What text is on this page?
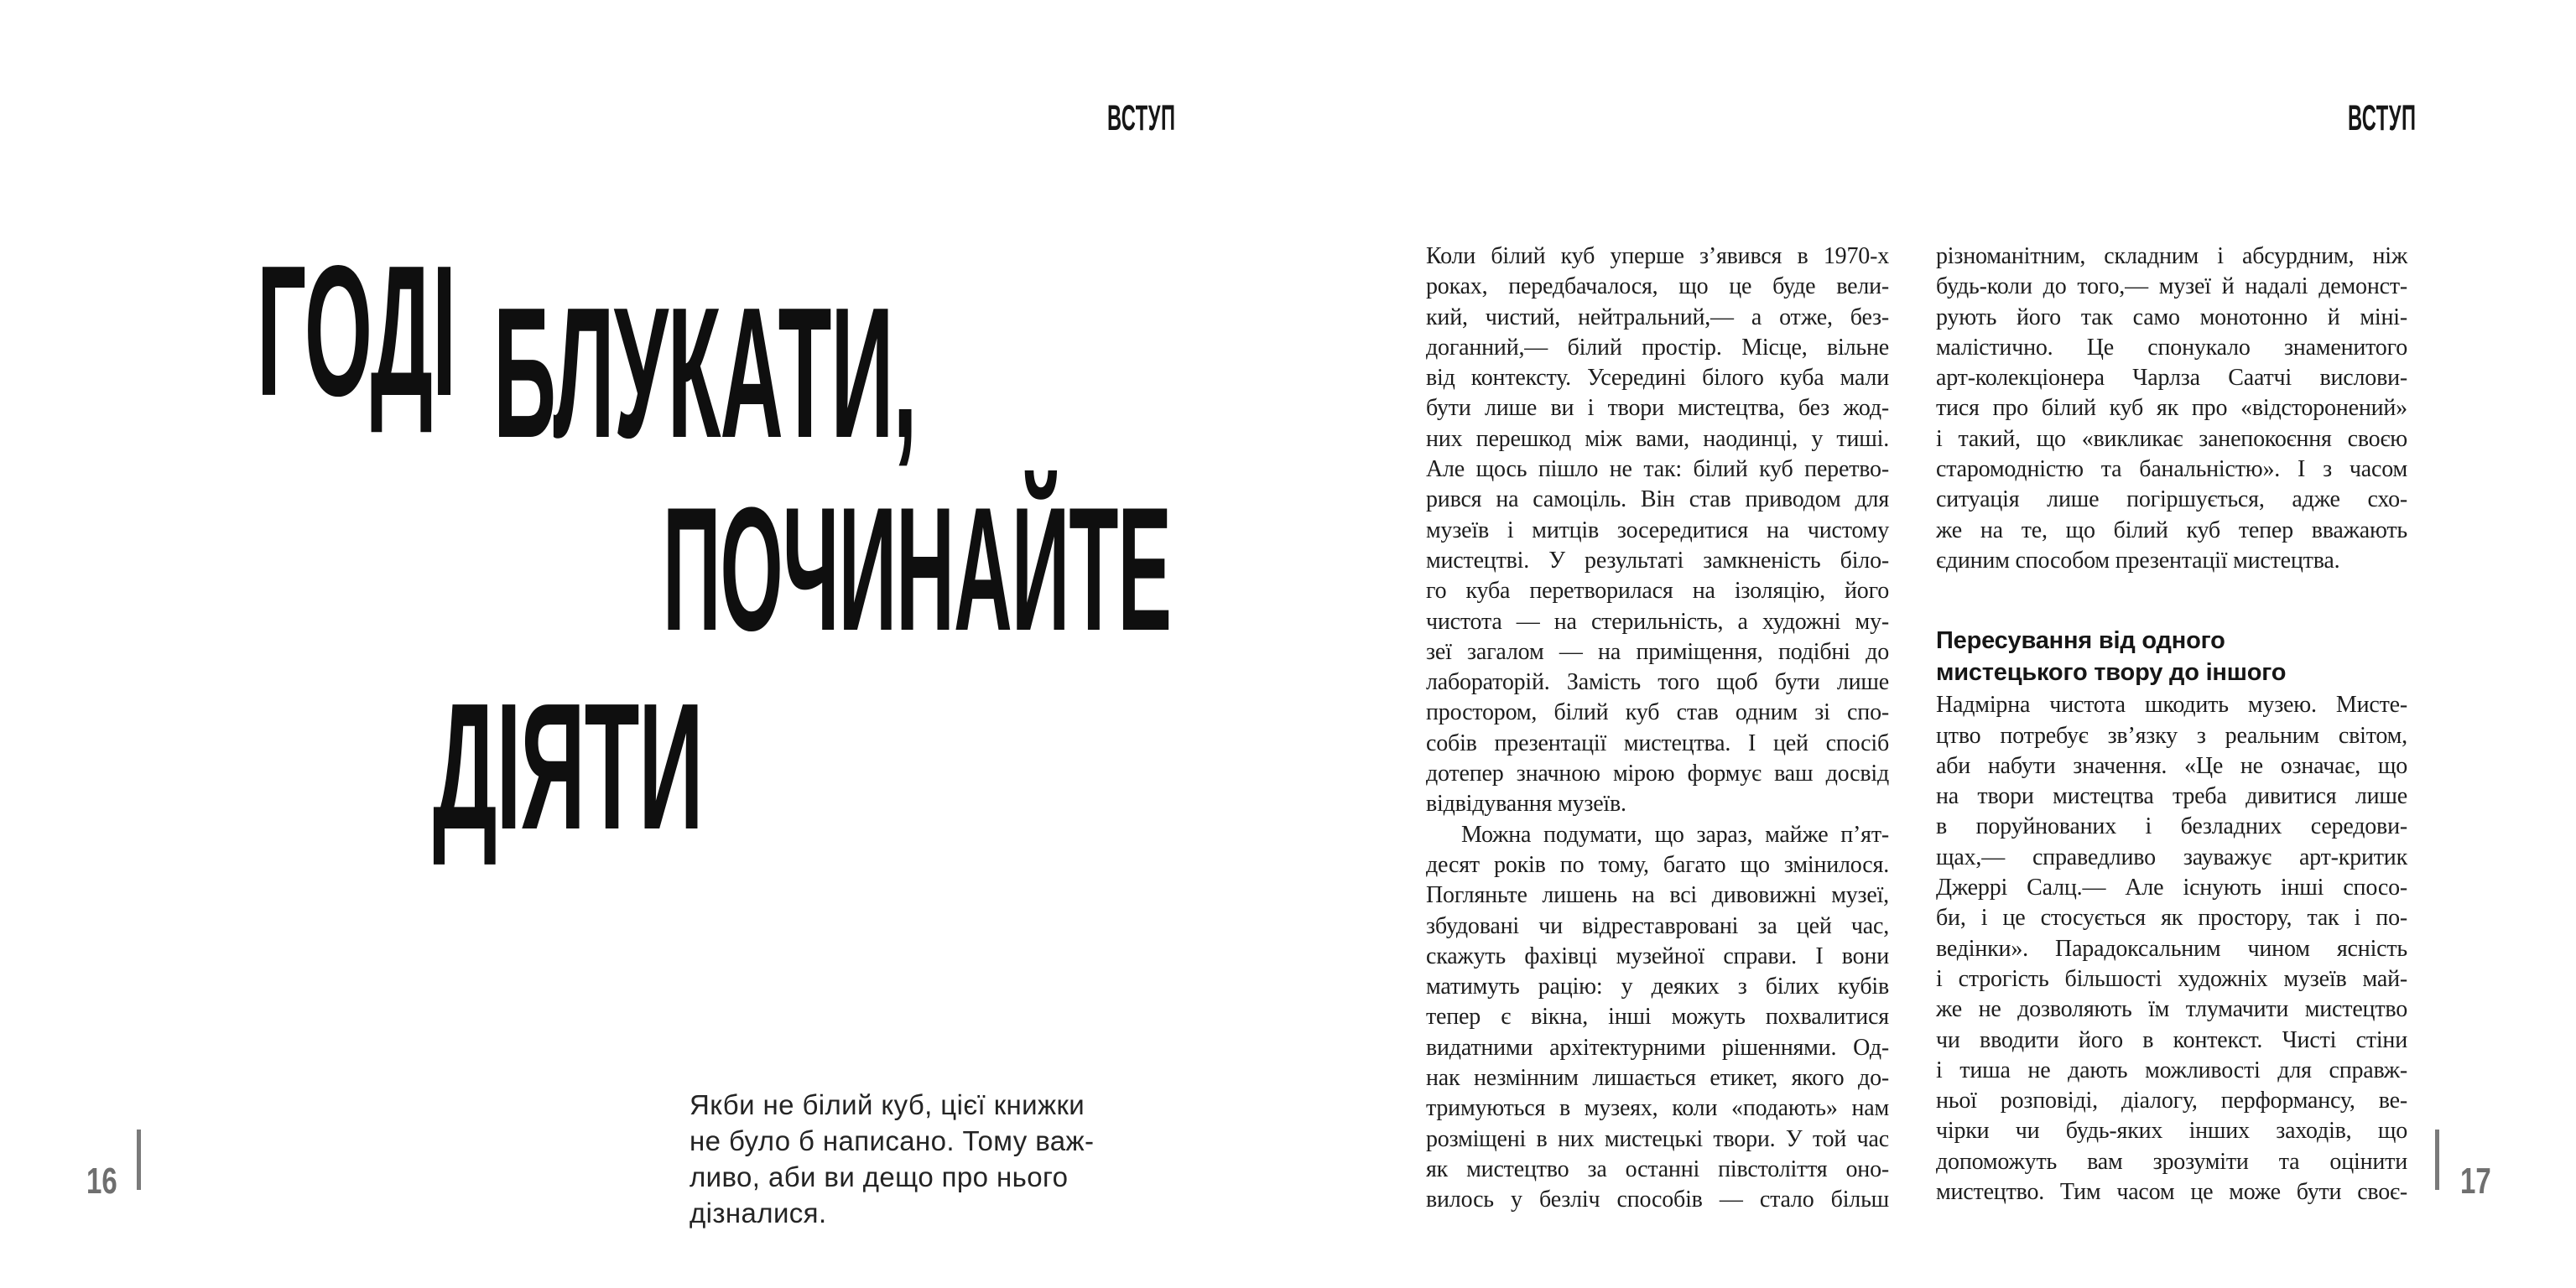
ВСТУП
ГОДІ БЛУКАТИ,
ПОЧИНАЙТЕ
ДІЯТИ
Якби не білий куб, цієї книжки
не було б написано. Тому важ-
ливо, аби ви дещо про нього
дізналися.
16
ВСТУП
Коли білий куб уперше з’явився в 1970-х
роках, передбачалося, що це буде вели-
кий, чистий, нейтральний,— а отже, без-
доганний,— білий простір. Місце, вільне
від контексту. Усередині білого куба мали
бути лише ви і твори мистецтва, без жод-
них перешкод між вами, наодинці, у тиші.
Але щось пішло не так: білий куб перетво-
рився на самоціль. Він став приводом для
музеїв і митців зосередитися на чистому
мистецтві. У результаті замкненість біло-
го куба перетворилася на ізоляцію, його
чистота — на стерильність, а художні му-
зеї загалом — на приміщення, подібні до
лабораторій. Замість того щоб бути лише
простором, білий куб став одним зі спо-
собів презентації мистецтва. І цей спосіб
дотепер значною мірою формує ваш досвід
відвідування музеїв.
Можна подумати, що зараз, майже п’ят-
десят років по тому, багато що змінилося.
Погляньте лишень на всі дивовижні музеї,
збудовані чи відреставровані за цей час,
скажуть фахівці музейної справи. І вони
матимуть рацію: у деяких з білих кубів
тепер є вікна, інші можуть похвалитися
видатними архітектурними рішеннями. Од-
нак незмінним лишається етикет, якого до-
тримуються в музеях, коли «подають» нам
розміщені в них мистецькі твори. У той час
як мистецтво за останні півстоліття оно-
вилось у безліч способів — стало більш
різноманітним, складним і абсурдним, ніж
будь-коли до того,— музеї й надалі демонст-
рують його так само монотонно й міні-
малістично. Це спонукало знаменитого
арт-колекціонера Чарлза Саатчі вислови-
тися про білий куб як про «відсторонений»
і такий, що «викликає занепокоєння своєю
старомодністю та банальністю». І з часом
ситуація лише погіршується, адже схо-
же на те, що білий куб тепер вважають
єдиним способом презентації мистецтва.
Пересування від одного
мистецького твору до іншого
Надмірна чистота шкодить музею. Мисте-
цтво потребує зв’язку з реальним світом,
аби набути значення. «Це не означає, що
на твори мистецтва треба дивитися лише
в поруйнованих і безладних середови-
щах,— справедливо зауважує арт-критик
Джеррі Салц.— Але існують інші спосо-
би, і це стосується як простору, так і по-
ведінки». Парадоксальним чином ясність
і строгість більшості художніх музеїв май-
же не дозволяють їм тлумачити мистецтво
чи вводити його в контекст. Чисті стіни
і тиша не дають можливості для справж-
ньої розповіді, діалогу, перформансу, ве-
чірки чи будь-яких інших заходів, що
допоможуть вам зрозуміти та оцінити
мистецтво. Тим часом це може бути своє- 17
